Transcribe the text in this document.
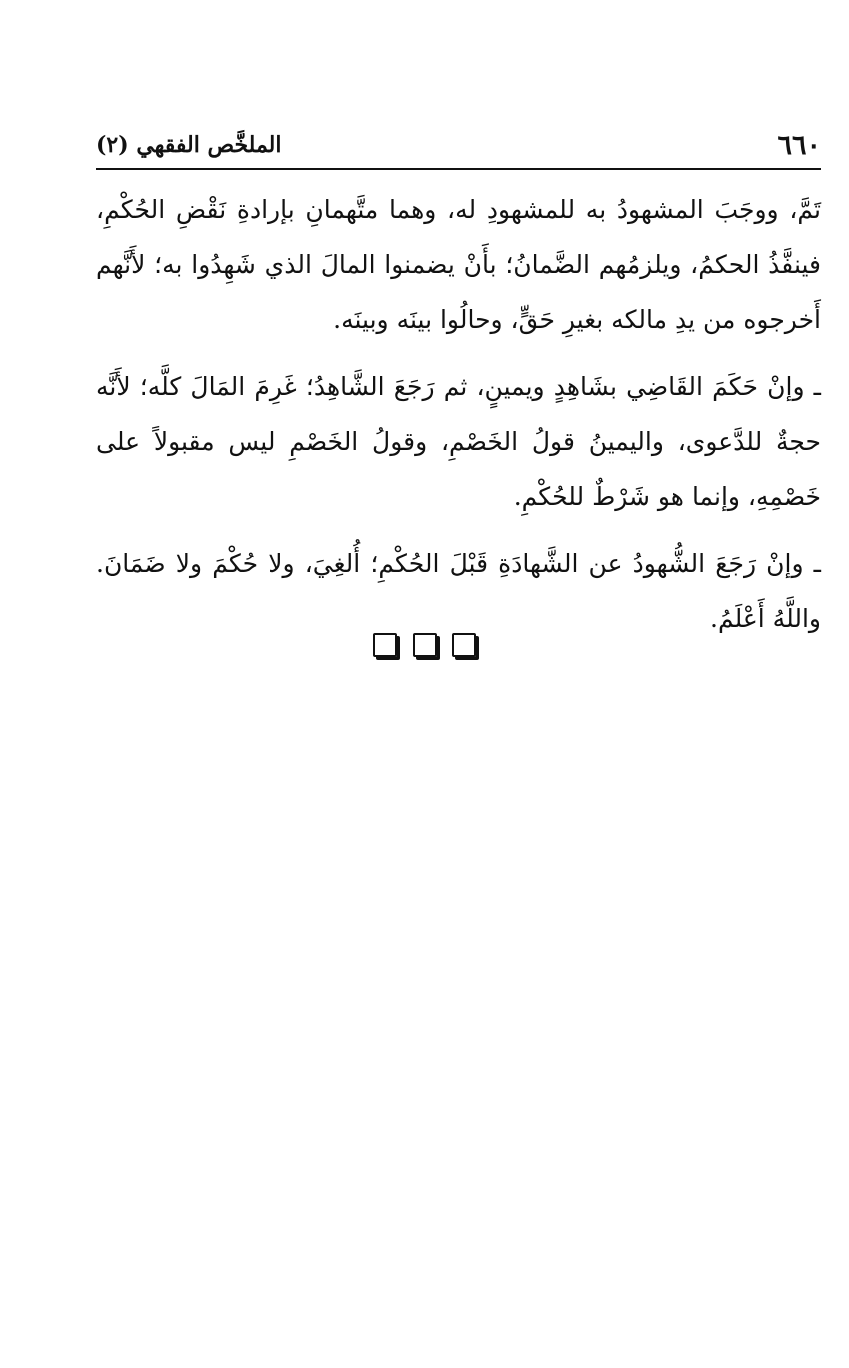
٦٦٠
الملخَّص الفقهي (٢)

تَمَّ، ووجَبَ المشهودُ به للمشهودِ له، وهما متَّهمانِ بإرادةِ نَقْضِ الحُكْمِ، فينفَّذُ الحكمُ، ويلزمُهم الضَّمانُ؛ بأَنْ يضمنوا المالَ الذي شَهِدُوا به؛ لأَنَّهم أَخرجوه من يدِ مالكه بغيرِ حَقٍّ، وحالُوا بينَه وبينَه.

ـ وإنْ حَكَمَ القَاضِي بشَاهِدٍ ويمينٍ، ثم رَجَعَ الشَّاهِدُ؛ غَرِمَ المَالَ كلَّه؛ لأَنَّه حجةٌ للدَّعوى، واليمينُ قولُ الخَصْمِ، وقولُ الخَصْمِ ليس مقبولاً على خَصْمِهِ، وإنما هو شَرْطٌ للحُكْمِ.

ـ وإنْ رَجَعَ الشُّهودُ عن الشَّهادَةِ قَبْلَ الحُكْمِ؛ أُلغِيَ، ولا حُكْمَ ولا ضَمَانَ. واللَّهُ أَعْلَمُ.
